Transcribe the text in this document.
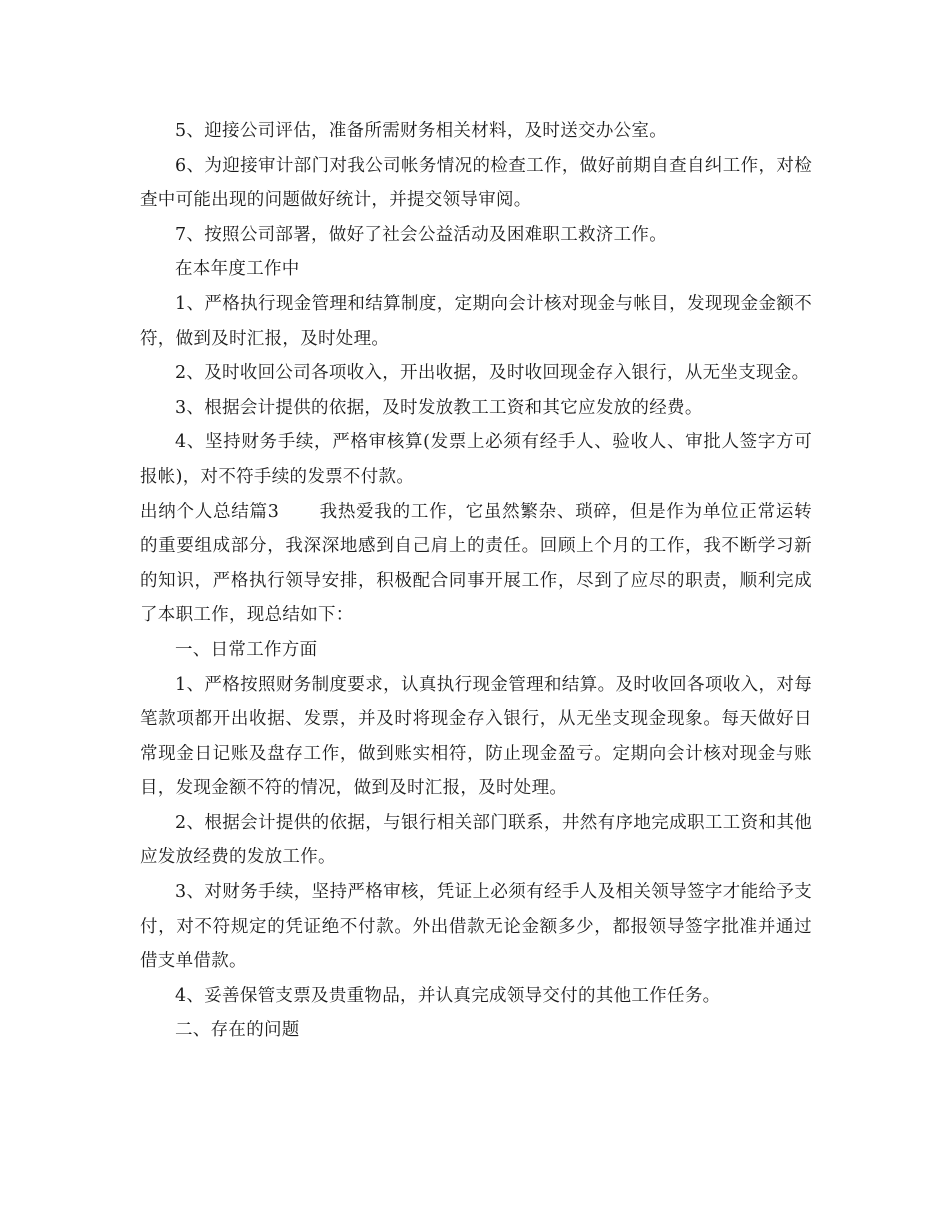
5、迎接公司评估，准备所需财务相关材料，及时送交办公室。

6、为迎接审计部门对我公司帐务情况的检查工作，做好前期自查自纠工作，对检查中可能出现的问题做好统计，并提交领导审阅。

7、按照公司部署，做好了社会公益活动及困难职工救济工作。

在本年度工作中

1、严格执行现金管理和结算制度，定期向会计核对现金与帐目，发现现金金额不符，做到及时汇报，及时处理。

2、及时收回公司各项收入，开出收据，及时收回现金存入银行，从无坐支现金。

3、根据会计提供的依据，及时发放教工工资和其它应发放的经费。

4、坚持财务手续，严格审核算(发票上必须有经手人、验收人、审批人签字方可报帐)，对不符手续的发票不付款。

出纳个人总结篇3 我热爱我的工作，它虽然繁杂、琐碎，但是作为单位正常运转的重要组成部分，我深深地感到自己肩上的责任。回顾上个月的工作，我不断学习新的知识，严格执行领导安排，积极配合同事开展工作，尽到了应尽的职责，顺利完成了本职工作，现总结如下：

一、日常工作方面

1、严格按照财务制度要求，认真执行现金管理和结算。及时收回各项收入，对每笔款项都开出收据、发票，并及时将现金存入银行，从无坐支现金现象。每天做好日常现金日记账及盘存工作，做到账实相符，防止现金盈亏。定期向会计核对现金与账目，发现金额不符的情况，做到及时汇报，及时处理。

2、根据会计提供的依据，与银行相关部门联系，井然有序地完成职工工资和其他应发放经费的发放工作。

3、对财务手续，坚持严格审核，凭证上必须有经手人及相关领导签字才能给予支付，对不符规定的凭证绝不付款。外出借款无论金额多少，都报领导签字批准并通过借支单借款。

4、妥善保管支票及贵重物品，并认真完成领导交付的其他工作任务。

二、存在的问题
